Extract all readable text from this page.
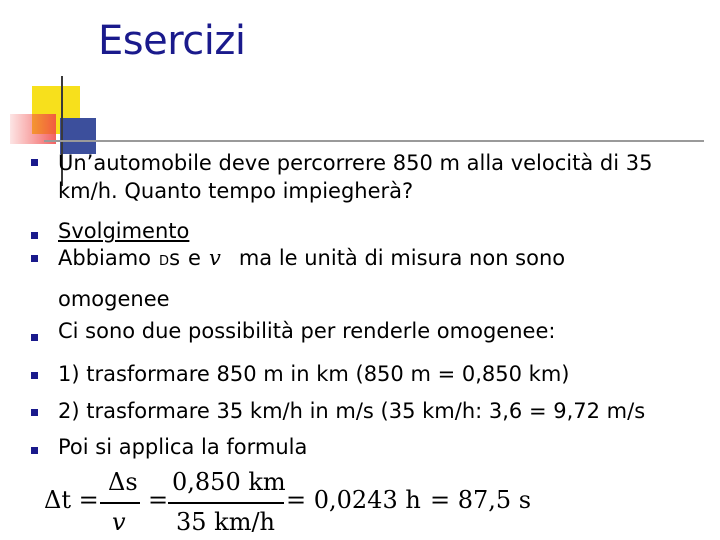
Esercizi
Un’automobile deve percorrere 850 m alla velocità di 35
km/h. Quanto tempo impiegherà?
Svolgimento
Abbiamo Ds e v ma le unità di misura non sono
omogenee
Ci sono due possibilità per renderle omogenee:
1) trasformare 850 m in km (850 m = 0,850 km)
2) trasformare 35 km/h in m/s (35 km/h: 3,6 = 9,72 m/s
Poi si applica la formula
Δt =
Δs
v
=
0,850 km
35 km/h
= 0,0243 h = 87,5 s
